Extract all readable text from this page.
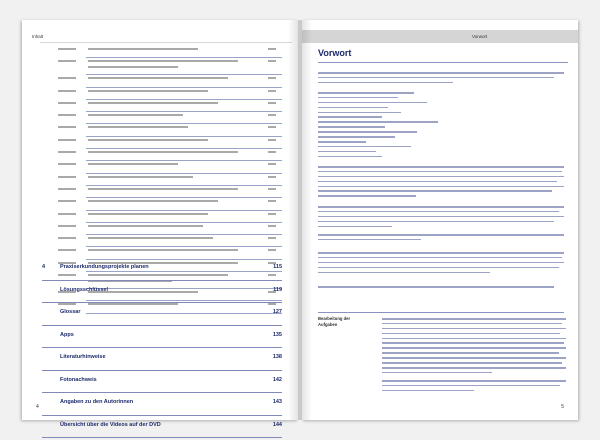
Inhalt
4	Praxiserkundungsprojekte planen	115
Lösungsschlüssel	119
Glossar	127
Apps	135
Literaturhinweise	138
Fotonachweis	142
Angaben zu den Autorinnen	143
Übersicht über die Videos auf der DVD	144
4
Vorwort
Vorwort
Bearbeitung der Aufgaben
5
